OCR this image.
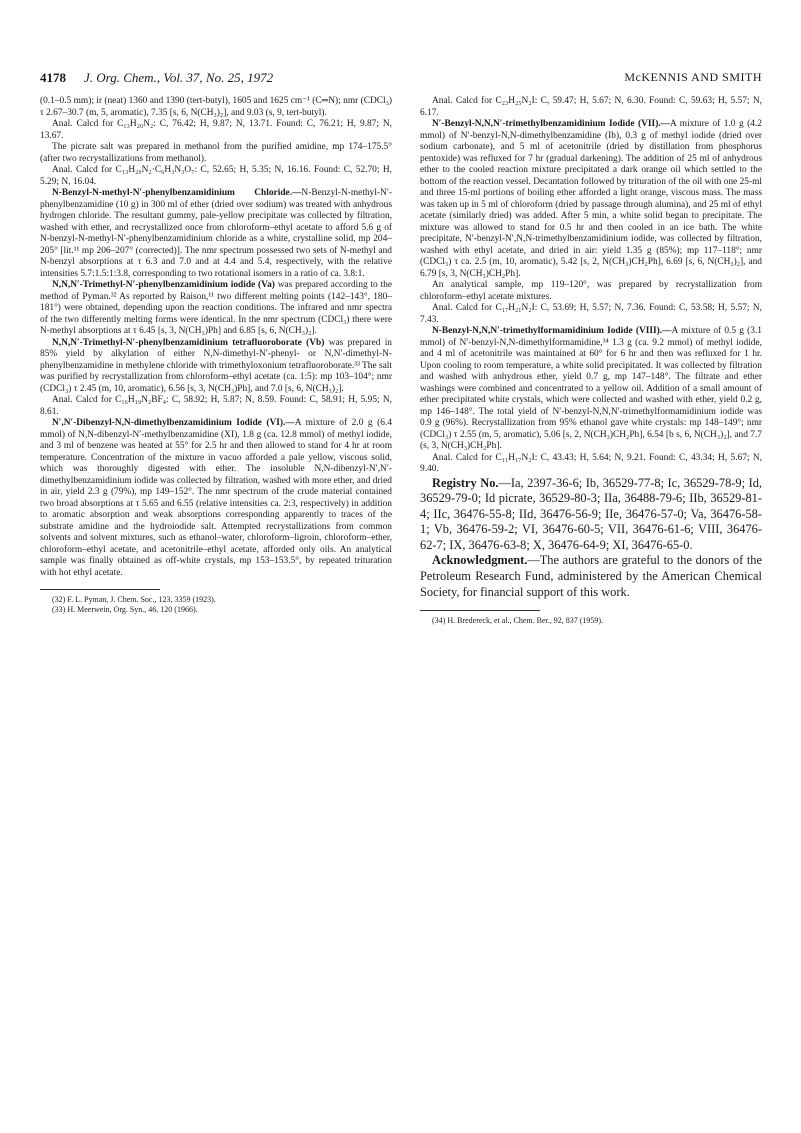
4178 J. Org. Chem., Vol. 37, No. 25, 1972	McKENNIS AND SMITH

(0.1–0.5 mm); ir (neat) 1360 and 1390 (tert-butyl), 1605 and 1625 cm⁻¹ (C═N); nmr (CDCl₃) τ 2.67–30.7 (m, 5, aromatic), 7.35 [s, 6, N(CH₃)₂], and 9.03 (s, 9, tert-butyl).

Anal. Calcd for C₁₃H₂₀N₂: C, 76.42; H, 9.87; N, 13.71. Found: C, 76.21; H, 9.87; N, 13.67.

The picrate salt was prepared in methanol from the purified amidine, mp 174–175.5° (after two recrystallizations from methanol).

Anal. Calcd for C₁₃H₂₀N₂·C₆H₃N₃O₇: C, 52.65; H, 5.35; N, 16.16. Found: C, 52.70; H, 5.29; N, 16.04.

N-Benzyl-N-methyl-N′-phenylbenzamidinium Chloride.—N-Benzyl-N-methyl-N′-phenylbenzamidine (10 g) in 300 ml of ether (dried over sodium) was treated with anhydrous hydrogen chloride. The resultant gummy, pale-yellow precipitate was collected by filtration, washed with ether, and recrystallized once from chloroform–ethyl acetate to afford 5.6 g of N-benzyl-N-methyl-N′-phenylbenzamidinium chloride as a white, crystalline solid, mp 204–205° [lit.¹¹ mp 206–207° (corrected)]. The nmr spectrum possessed two sets of N-methyl and N-benzyl absorptions at τ 6.3 and 7.0 and at 4.4 and 5.4, respectively, with the relative intensities 5.7:1.5:1:3.8, corresponding to two rotational isomers in a ratio of ca. 3.8:1.

N,N,N′-Trimethyl-N′-phenylbenzamidinium iodide (Va) was prepared according to the method of Pyman.³² As reported by Raison,¹¹ two different melting points (142–143°, 180–181°) were obtained, depending upon the reaction conditions. The infrared and nmr spectra of the two differently melting forms were identical. In the nmr spectrum (CDCl₃) there were N-methyl absorptions at τ 6.45 [s, 3, N(CH₃)Ph] and 6.85 [s, 6, N(CH₃)₂].

N,N,N′-Trimethyl-N′-phenylbenzamidinium tetrafluoroborate (Vb) was prepared in 85% yield by alkylation of either N,N-dimethyl-N′-phenyl- or N,N′-dimethyl-N-phenylbenzamidine in methylene chloride with trimethyloxonium tetrafluoroborate.³³ The salt was purified by recrystallization from chloroform–ethyl acetate (ca. 1:5): mp 103–104°; nmr (CDCl₃) τ 2.45 (m, 10, aromatic), 6.56 [s, 3, N(CH₃)Ph], and 7.0 [s, 6, N(CH₃)₂].

Anal. Calcd for C₁₆H₁₉N₂BF₄: C, 58.92; H, 5.87; N, 8.59. Found: C, 58.91; H, 5.95; N, 8.61.

N′,N′-Dibenzyl-N,N-dimethylbenzamidinium Iodide (VI).—A mixture of 2.0 g (6.4 mmol) of N,N-dibenzyl-N′-methylbenzamidine (XI), 1.8 g (ca. 12.8 mmol) of methyl iodide, and 3 ml of benzene was heated at 55° for 2.5 hr and then allowed to stand for 4 hr at room temperature. Concentration of the mixture in vacuo afforded a pale yellow, viscous solid, which was thoroughly digested with ether. The insoluble N,N-dibenzyl-N′,N′-dimethylbenzamidinium iodide was collected by filtration, washed with more ether, and dried in air, yield 2.3 g (79%), mp 149–152°. The nmr spectrum of the crude material contained two broad absorptions at τ 5.65 and 6.55 (relative intensities ca. 2:3, respectively) in addition to aromatic absorption and weak absorptions corresponding apparently to traces of the substrate amidine and the hydroiodide salt. Attempted recrystallizations from common solvents and solvent mixtures, such as ethanol–water, chloroform–ligroin, chloroform–ether, chloroform–ethyl acetate, and acetonitrile–ethyl acetate, afforded only oils. An analytical sample was finally obtained as off-white crystals, mp 153–153.5°, by repeated trituration with hot ethyl acetate.

(32) F. L. Pyman, J. Chem. Soc., 123, 3359 (1923).

(33) H. Meerwein, Org. Syn., 46, 120 (1966).

Anal. Calcd for C₂₃H₂₅N₂I: C, 59.47; H, 5.67; N, 6.30. Found: C, 59.63; H, 5.57; N, 6.17.

N′-Benzyl-N,N,N′-trimethylbenzamidinium Iodide (VII).—A mixture of 1.0 g (4.2 mmol) of N′-benzyl-N,N-dimethylbenzamidine (Ib), 0.3 g of methyl iodide (dried over sodium carbonate), and 5 ml of acetonitrile (dried by distillation from phosphorus pentoxide) was refluxed for 7 hr (gradual darkening). The addition of 25 ml of anhydrous ether to the cooled reaction mixture precipitated a dark orange oil which settled to the bottom of the reaction vessel. Decantation followed by trituration of the oil with one 25-ml and three 15-ml portions of boiling ether afforded a light orange, viscous mass. The mass was taken up in 5 ml of chloroform (dried by passage through alumina), and 25 ml of ethyl acetate (similarly dried) was added. After 5 min, a white solid began to precipitate. The mixture was allowed to stand for 0.5 hr and then cooled in an ice bath. The white precipitate, N′-benzyl-N′,N,N-trimethylbenzamidinium iodide, was collected by filtration, washed with ethyl acetate, and dried in air: yield 1.35 g (85%); mp 117–118°; nmr (CDCl₃) τ ca. 2.5 (m, 10, aromatic), 5.42 [s, 2, N(CH₃)CH₂Ph], 6.69 [s, 6, N(CH₃)₂], and 6.79 [s, 3, N(CH₃)CH₂Ph].

An analytical sample, mp 119–120°, was prepared by recrystallization from chloroform–ethyl acetate mixtures.

Anal. Calcd for C₁₇H₂₁N₂I: C, 53.69; H, 5.57; N, 7.36. Found: C, 53.58; H, 5.57; N, 7.43.

N-Benzyl-N,N,N′-trimethylformamidinium Iodide (VIII).—A mixture of 0.5 g (3.1 mmol) of N′-benzyl-N,N-dimethylformamidine,³⁴ 1.3 g (ca. 9.2 mmol) of methyl iodide, and 4 ml of acetonitrile was maintained at 60° for 6 hr and then was refluxed for 1 hr. Upon cooling to room temperature, a white solid precipitated. It was collected by filtration and washed with anhydrous ether, yield 0.7 g, mp 147–148°. The filtrate and ether washings were combined and concentrated to a yellow oil. Addition of a small amount of ether precipitated white crystals, which were collected and washed with ether, yield 0.2 g, mp 146–148°. The total yield of N′-benzyl-N,N,N′-trimethylformamidinium iodide was 0.9 g (96%). Recrystallization from 95% ethanol gave white crystals: mp 148–149°; nmr (CDCl₃) τ 2.55 (m, 5, aromatic), 5.06 [s, 2, N(CH₃)CH₂Ph], 6.54 [b s, 6, N(CH₃)₂], and 7.7 (s, 3, N(CH₃)CH₂Ph].

Anal. Calcd for C₁₁H₁₇N₂I: C, 43.43; H, 5.64; N, 9.21. Found: C, 43.34; H, 5.67; N, 9.40.

Registry No.—Ia, 2397-36-6; Ib, 36529-77-8; Ic, 36529-78-9; Id, 36529-79-0; Id picrate, 36529-80-3; IIa, 36488-79-6; IIb, 36529-81-4; IIc, 36476-55-8; IId, 36476-56-9; IIe, 36476-57-0; Va, 36476-58-1; Vb, 36476-59-2; VI, 36476-60-5; VII, 36476-61-6; VIII, 36476-62-7; IX, 36476-63-8; X, 36476-64-9; XI, 36476-65-0.

Acknowledgment.—The authors are grateful to the donors of the Petroleum Research Fund, administered by the American Chemical Society, for financial support of this work.

(34) H. Bredereck, et al., Chem. Ber., 92, 837 (1959).
